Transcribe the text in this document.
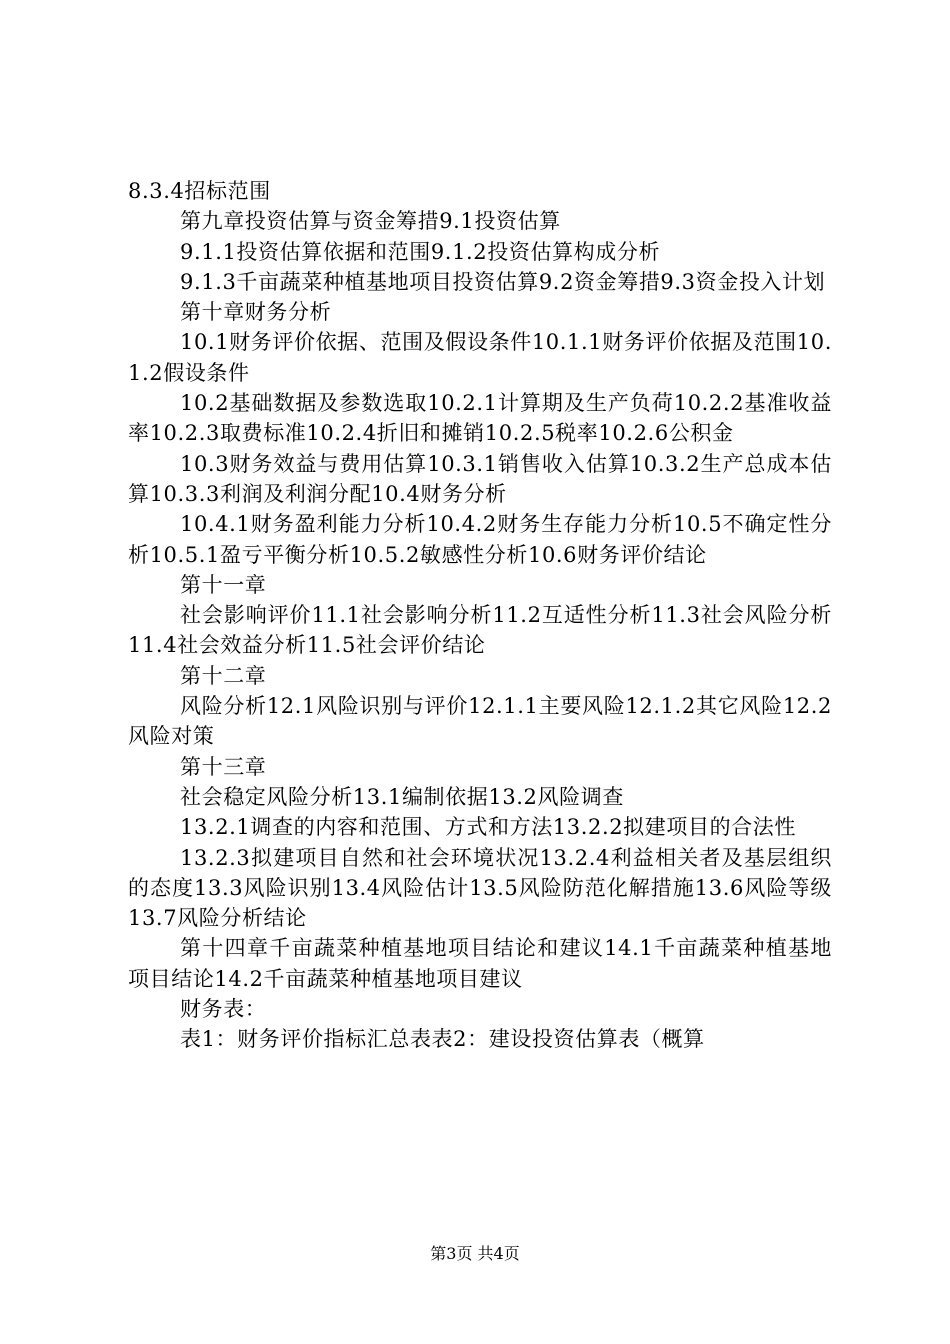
8.3.4招标范围

第九章投资估算与资金筹措9.1投资估算

9.1.1投资估算依据和范围9.1.2投资估算构成分析

9.1.3千亩蔬菜种植基地项目投资估算9.2资金筹措9.3资金投入计划

第十章财务分析

10.1财务评价依据、范围及假设条件10.1.1财务评价依据及范围10.1.2假设条件

10.2基础数据及参数选取10.2.1计算期及生产负荷10.2.2基准收益率10.2.3取费标准10.2.4折旧和摊销10.2.5税率10.2.6公积金

10.3财务效益与费用估算10.3.1销售收入估算10.3.2生产总成本估算10.3.3利润及利润分配10.4财务分析

10.4.1财务盈利能力分析10.4.2财务生存能力分析10.5不确定性分析10.5.1盈亏平衡分析10.5.2敏感性分析10.6财务评价结论

第十一章

社会影响评价11.1社会影响分析11.2互适性分析11.3社会风险分析11.4社会效益分析11.5社会评价结论

第十二章

风险分析12.1风险识别与评价12.1.1主要风险12.1.2其它风险12.2风险对策

第十三章

社会稳定风险分析13.1编制依据13.2风险调查

13.2.1调查的内容和范围、方式和方法13.2.2拟建项目的合法性

13.2.3拟建项目自然和社会环境状况13.2.4利益相关者及基层组织的态度13.3风险识别13.4风险估计13.5风险防范化解措施13.6风险等级13.7风险分析结论

第十四章千亩蔬菜种植基地项目结论和建议14.1千亩蔬菜种植基地项目结论14.2千亩蔬菜种植基地项目建议

财务表：

表1：财务评价指标汇总表表2：建设投资估算表（概算

第3页 共4页
